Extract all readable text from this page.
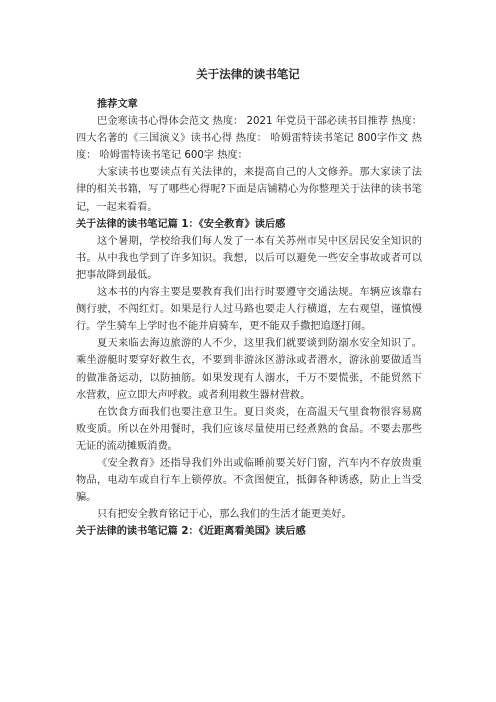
关于法律的读书笔记

推荐文章

巴金寒读书心得体会范文 热度： 2021 年党员干部必读书目推荐 热度： 四大名著的《三国演义》读书心得 热度： 哈姆雷特读书笔记 800字作文 热度： 哈姆雷特读书笔记 600字 热度：

大家读书也要读点有关法律的，来提高自己的人文修养。那大家读了法律的相关书籍，写了哪些心得呢?下面是店铺精心为你整理关于法律的读书笔记，一起来看看。

关于法律的读书笔记篇 1：《安全教育》读后感

这个暑期，学校给我们每人发了一本有关苏州市吴中区居民安全知识的书。从中我也学到了许多知识。我想，以后可以避免一些安全事故或者可以把事故降到最低。

这本书的内容主要是要教育我们出行时要遵守交通法规。车辆应该靠右侧行驶，不闯红灯。如果是行人过马路也要走人行横道，左右观望，谨慎慢行。学生骑车上学时也不能并肩骑车，更不能双手撒把追逐打闹。

夏天来临去海边旅游的人不少，这里我们就要谈到防溺水安全知识了。乘坐游艇时要穿好救生衣，不要到非游泳区游泳或者潜水，游泳前要做适当的做准备运动，以防抽筋。如果发现有人溺水，千万不要慌张，不能贸然下水营救，应立即大声呼救。或者利用救生器材营救。

在饮食方面我们也要注意卫生。夏日炎炎，在高温天气里食物很容易腐败变质。所以在外用餐时，我们应该尽量使用已经煮熟的食品。不要去那些无证的流动摊贩消费。

《安全教育》还指导我们外出或临睡前要关好门窗，汽车内不存放贵重物品，电动车或自行车上锁停放。不贪图便宜，抵御各种诱惑，防止上当受骗。

只有把安全教育铭记于心，那么我们的生活才能更美好。

关于法律的读书笔记篇 2：《近距离看美国》读后感
